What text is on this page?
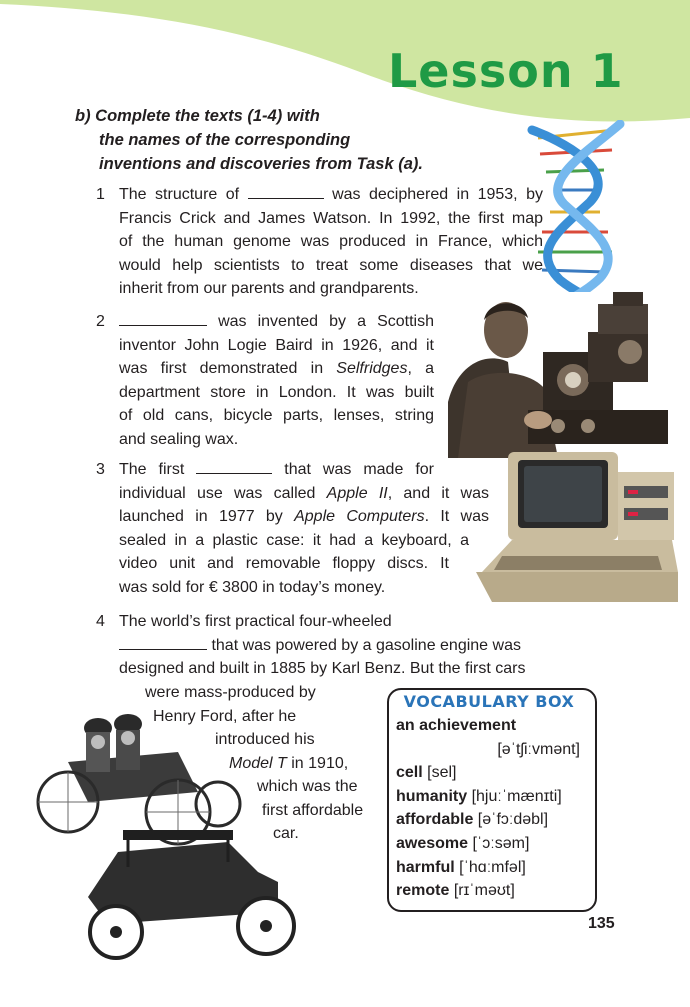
Lesson 1
b) Complete the texts (1-4) with
the names of the corresponding
inventions and discoveries from Task (a).
1 The structure of	was deciphered in 1953, by
Francis Crick and James Watson. In 1992, the first map
of the human genome was produced in France, which
would help scientists to treat some diseases that we
inherit from our parents and grandparents.
2	was invented by a Scottish
inventor John Logie Baird in 1926, and it
was first demonstrated in Selfridges, a
department store in London. It was built
of old cans, bicycle parts, lenses, string
and sealing wax.
3 The first	that was made for
individual use was called Apple II, and it was
launched in 1977 by Apple Computers. It was
sealed in a plastic case: it had a keyboard, a
video unit and removable floppy discs. It
was sold for € 3800 in today’s money.
4 The world’s first practical four-wheeled
that was powered by a gasoline engine was
designed and built in 1885 by Karl Benz. But the first cars
were mass-produced by
Henry Ford, after he
introduced his
Model T in 1910,
which was the
first affordable
car.
VOCABULARY BOX
an achievement
[əˈtʃiːvmənt]
cell [sel]
humanity [hjuːˈmænɪti]
affordable [əˈfɔːdəbl]
awesome [ˈɔːsəm]
harmful [ˈhɑːmfəl]
remote [rɪˈməʊt]
135
